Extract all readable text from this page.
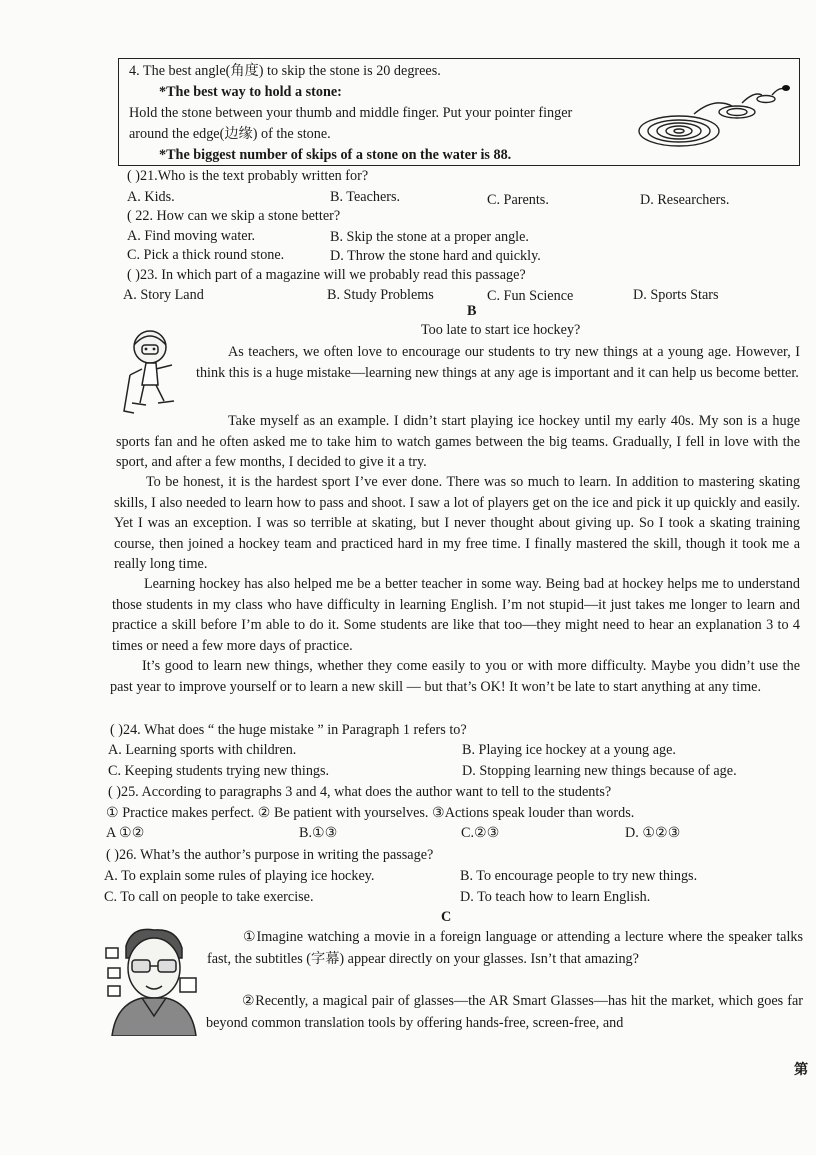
4. The best angle(角度) to skip the stone is 20 degrees.
*The best way to hold a stone:
Hold the stone between your thumb and middle finger. Put your pointer finger
around the edge(边缘) of the stone.
*The biggest number of skips of a stone on the water is 88.
( )21.Who is the text probably written for?
A. Kids.	B. Teachers.	C. Parents.	D. Researchers.
( 22. How can we skip a stone better?
A. Find moving water.	B. Skip the stone at a proper angle.
C. Pick a thick round stone.	D. Throw the stone hard and quickly.
( )23. In which part of a magazine will we probably read this passage?
A. Story Land	B. Study Problems	C. Fun Science	D. Sports Stars
B
Too late to start ice hockey?

As teachers, we often love to encourage our students to try new things at a young age. However, I think this is a huge mistake—learning new things at any age is important and it can help us become better.

Take myself as an example. I didn’t start playing ice hockey until my early 40s. My son is a huge sports fan and he often asked me to take him to watch games between the big teams. Gradually, I fell in love with the sport, and after a few months, I decided to give it a try.

To be honest, it is the hardest sport I’ve ever done. There was so much to learn. In addition to mastering skating skills, I also needed to learn how to pass and shoot. I saw a lot of players get on the ice and pick it up quickly and easily. Yet I was an exception. I was so terrible at skating, but I never thought about giving up. So I took a skating training course, then joined a hockey team and practiced hard in my free time. I finally mastered the skill, though it took me a really long time.

Learning hockey has also helped me be a better teacher in some way. Being bad at hockey helps me to understand those students in my class who have difficulty in learning English. I’m not stupid—it just takes me longer to learn and practice a skill before I’m able to do it. Some students are like that too—they might need to hear an explanation 3 to 4 times or need a few more days of practice.

It’s good to learn new things, whether they come easily to you or with more difficulty. Maybe you didn’t use the past year to improve yourself or to learn a new skill — but that’s OK! It won’t be late to start anything at any time.

( )24. What does “ the huge mistake ” in Paragraph 1 refers to?
A. Learning sports with children.	B. Playing ice hockey at a young age.
C. Keeping students trying new things.	D. Stopping learning new things because of age.
( )25. According to paragraphs 3 and 4, what does the author want to tell to the students?
① Practice makes perfect. ② Be patient with yourselves. ③Actions speak louder than words.
A ①②	B.①③	C.②③	D. ①②③
( )26. What’s the author’s purpose in writing the passage?
A. To explain some rules of playing ice hockey.	B. To encourage people to try new things.
C. To call on people to take exercise.	D. To teach how to learn English.
C

①Imagine watching a movie in a foreign language or attending a lecture where the speaker talks fast, the subtitles (字幕) appear directly on your glasses. Isn’t that amazing?

②Recently, a magical pair of glasses—the AR Smart Glasses—has hit the market, which goes far beyond common translation tools by offering hands-free, screen-free, and

第
